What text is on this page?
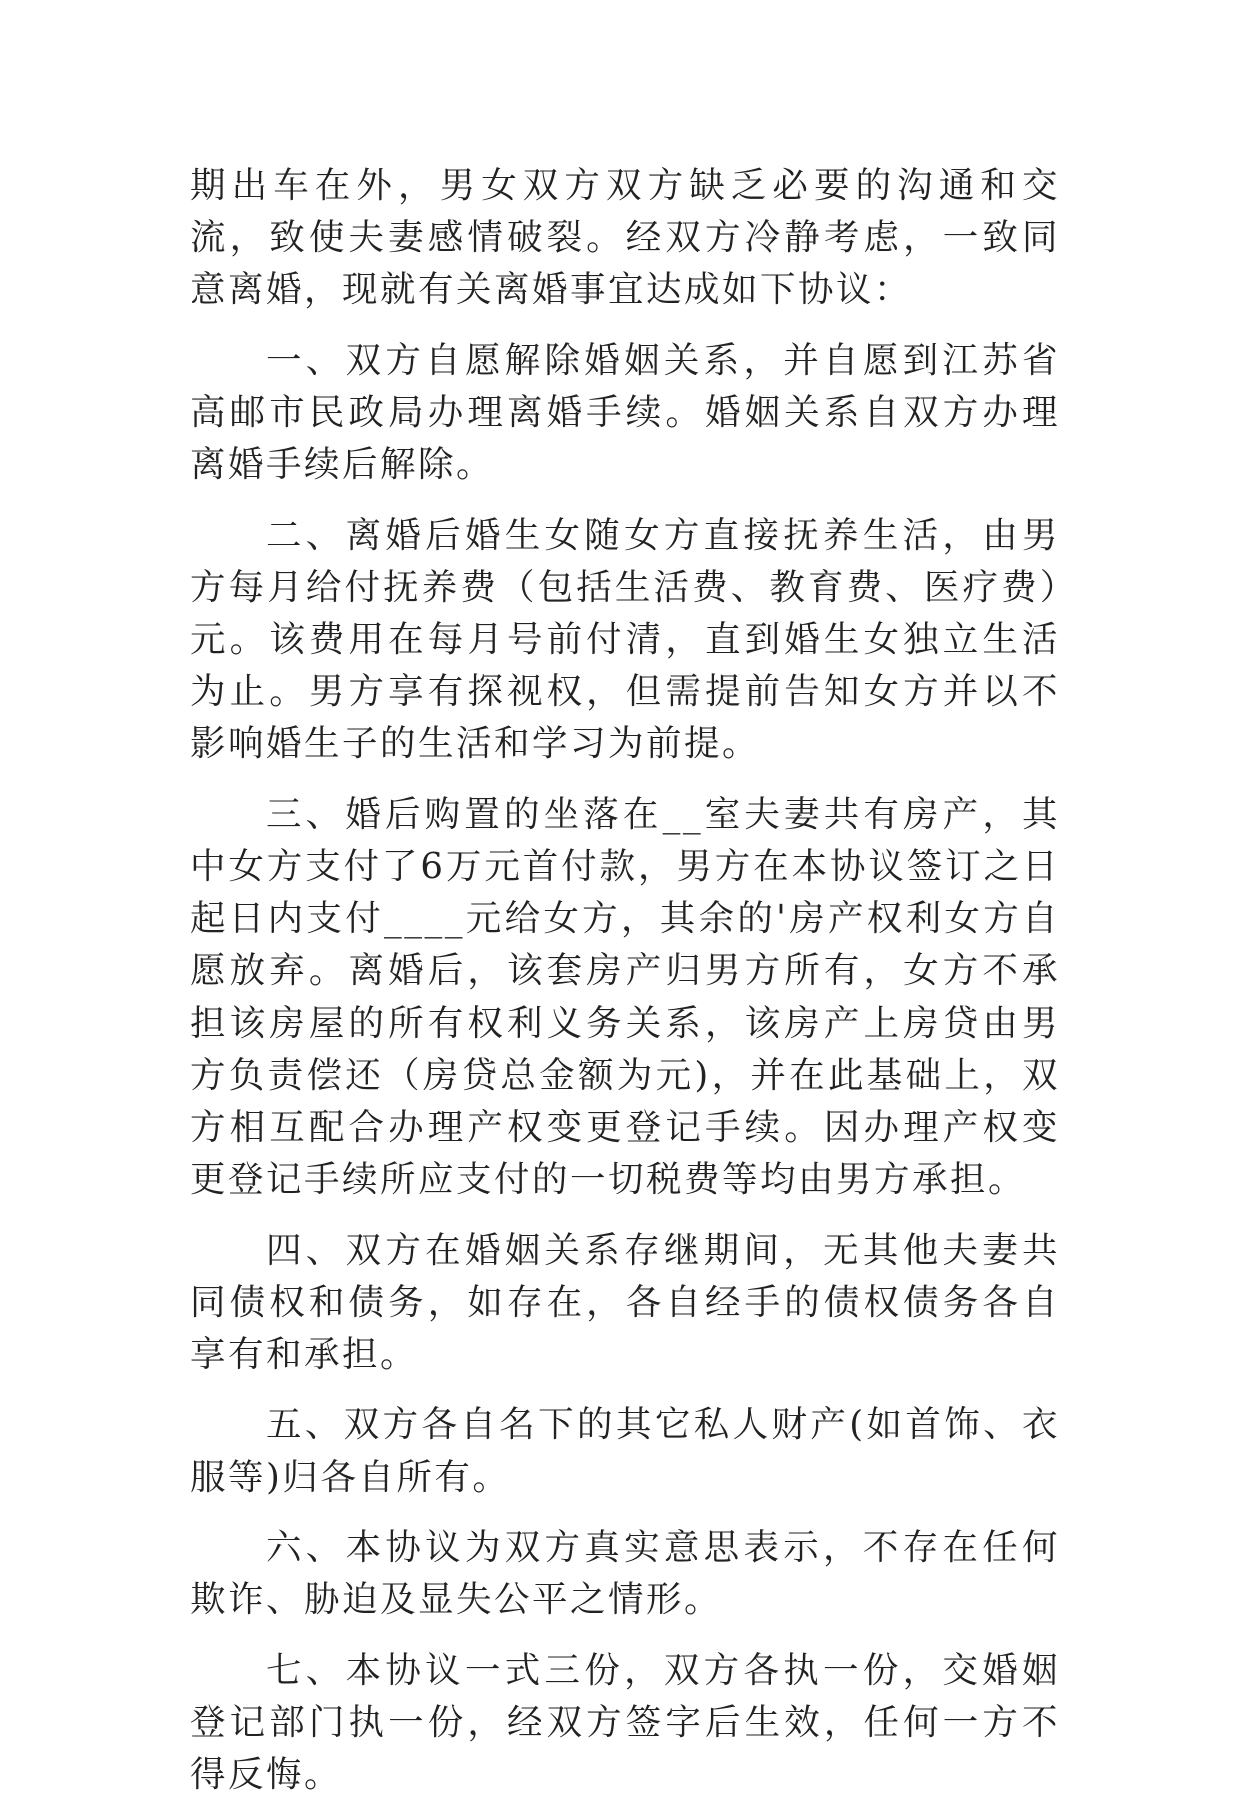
期出车在外，男女双方双方缺乏必要的沟通和交流，致使夫妻感情破裂。经双方冷静考虑，一致同意离婚，现就有关离婚事宜达成如下协议：

一、双方自愿解除婚姻关系，并自愿到江苏省高邮市民政局办理离婚手续。婚姻关系自双方办理离婚手续后解除。

二、离婚后婚生女随女方直接抚养生活，由男方每月给付抚养费（包括生活费、教育费、医疗费）元。该费用在每月号前付清，直到婚生女独立生活为止。男方享有探视权，但需提前告知女方并以不影响婚生子的生活和学习为前提。

三、婚后购置的坐落在__室夫妻共有房产，其中女方支付了6万元首付款，男方在本协议签订之日起日内支付____元给女方，其余的'房产权利女方自愿放弃。离婚后，该套房产归男方所有，女方不承担该房屋的所有权利义务关系，该房产上房贷由男方负责偿还（房贷总金额为元)，并在此基础上，双方相互配合办理产权变更登记手续。因办理产权变更登记手续所应支付的一切税费等均由男方承担。

四、双方在婚姻关系存继期间，无其他夫妻共同债权和债务，如存在，各自经手的债权债务各自享有和承担。

五、双方各自名下的其它私人财产(如首饰、衣服等)归各自所有。

六、本协议为双方真实意思表示，不存在任何欺诈、胁迫及显失公平之情形。

七、本协议一式三份，双方各执一份，交婚姻登记部门执一份，经双方签字后生效，任何一方不得反悔。
